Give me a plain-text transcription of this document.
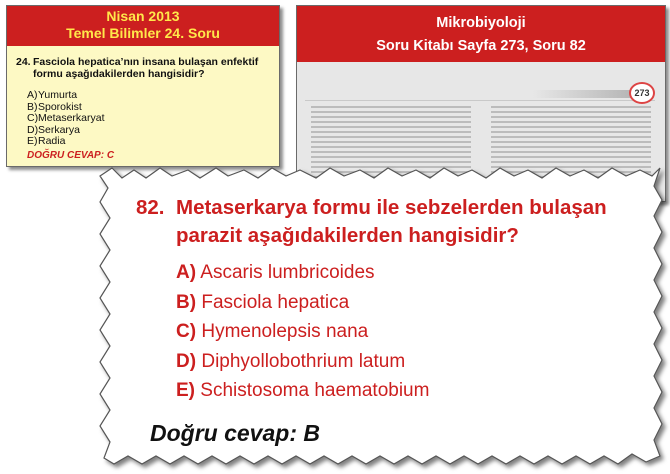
Nisan 2013
Temel Bilimler 24. Soru
24. Fasciola hepatica’nın insana bulaşan enfektif formu aşağıdakilerden hangisidir?
A)Yumurta
B)Sporokist
C)Metaserkaryat
D)Serkarya
E)Radia
DOĞRU CEVAP: C
Mikrobiyoloji
Soru Kitabı Sayfa 273, Soru 82
273
82. Metaserkarya formu ile sebzelerden bulaşan parazit aşağıdakilerden hangisidir?
A) Ascaris lumbricoides
B) Fasciola hepatica
C) Hymenolepsis nana
D) Diphyollobothrium latum
E) Schistosoma haematobium
Doğru cevap: B
